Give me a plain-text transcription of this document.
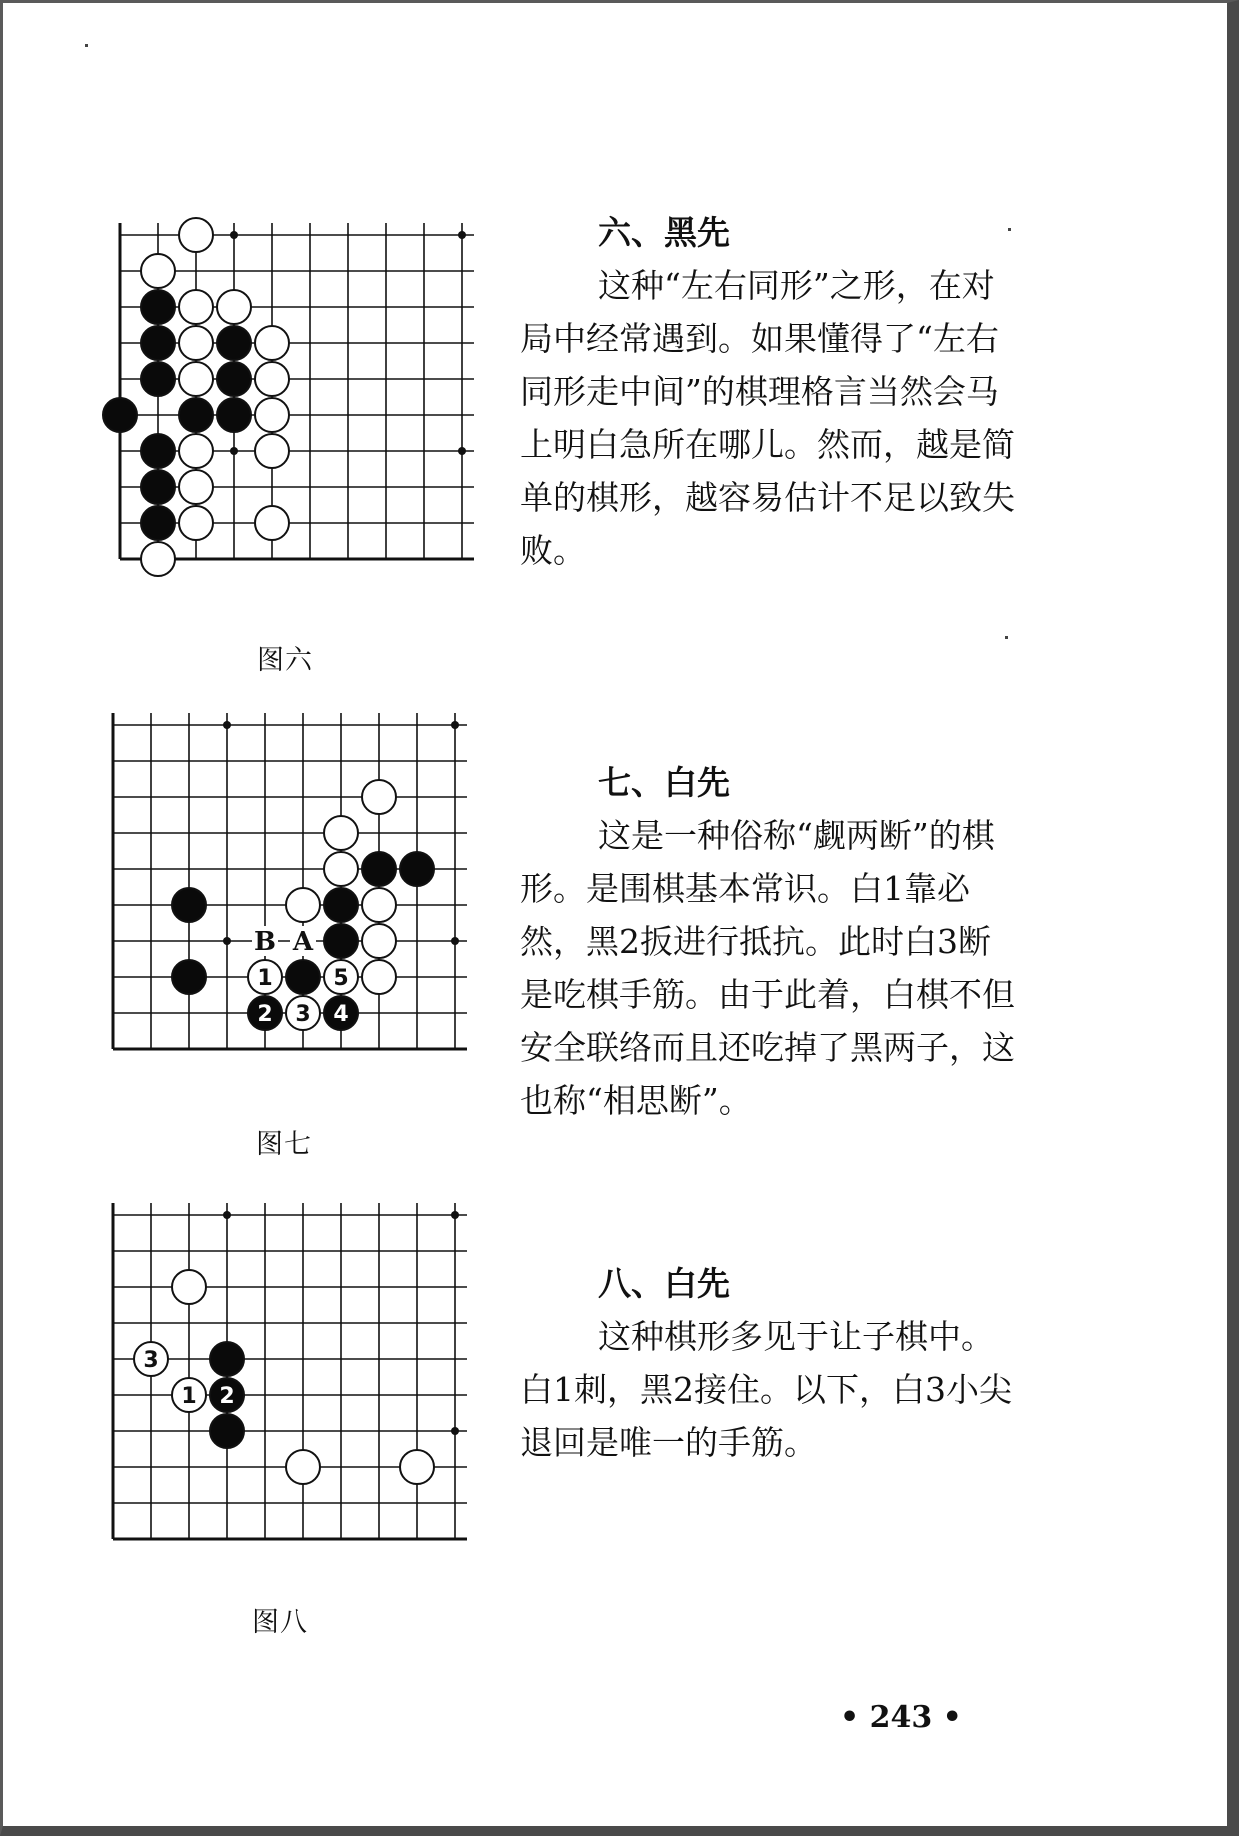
图六
六、黑先
这种“左右同形”之形，在对局中经常遇到。如果懂得了“左右同形走中间”的棋理格言当然会马上明白急所在哪儿。然而，越是简单的棋形，越容易估计不足以致失败。
1	5
2 3 4
B A
图七
七、白先
这是一种俗称“觑两断”的棋形。是围棋基本常识。白1靠必然，黑2扳进行抵抗。此时白3断是吃棋手筋。由于此着，白棋不但安全联络而且还吃掉了黑两子，这也称“相思断”。
3
1 2
图八
八、白先
这种棋形多见于让子棋中。白1刺，黑2接住。以下，白3小尖退回是唯一的手筋。
• 243 •
